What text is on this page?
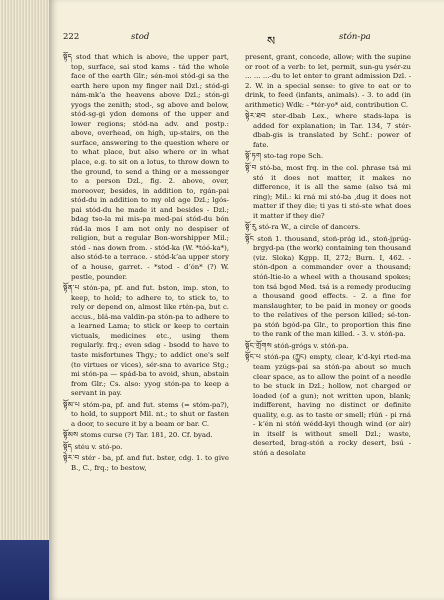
222	stod	ས	stón-pa

སྟོད stod that which is above, the upper part, top, surface, sai stod kams - tád the whole face of the earth Glr.; sén-moi stód-gi sa the earth here upon my finger nail Dzl.; stód-gi nám-mkʼa the heavens above Dzl.; stón-gi yyogs the zenith; stod-, sg above and below, stód-sg-gi ydon demons of the upper and lower regions; stód-na adv. and postp.: above, overhead, on high, up-stairs, on the surface, answering to the question where or to what place, but also where or in what place, e.g. to sit on a lotus, to throw down to the ground, to send a thing or a messenger to a person Dzl., fig. 2. above, over, moreover, besides, in addition to, rgán-pai stód-du in addition to my old age Dzl.; lgós-pai stód-du he made it and besides - Dzl.; bdag tso-la mi mis-pa med-pai stód-du bón rád-la mos I am not only no despiser of religion, but a regular Bon-worshipper Mil.; stód - nas down from. - stód-ka (W. *tóó-ka*), also stód-te a terrace. - stód-kʼaa upper story of a house, garret. - *stod - dʼón* (?) W. pestle, pounder.

སྟོན་པ stón-pa, pf. and fut. bston, imp. ston, to keep, to hold; to adhere to, to stick to, to rely or depend on, almost like rtén-pa, but c. accus., blá-ma valdin-pa stón-pa to adhere to a learned Lama; to stick or keep to certain victuals, medicines etc., using them regularly. frq.; even sdag - bsodd to have to taste misfortunes Thgy.; to addict one's self (to virtues or vices), sér-sna to avarice Stg.; mi stón-pa — spád-ba to avoid, shun, abstain from Glr.; Cs. also: yyog stón-pa to keep a servant in pay.

སྟོམ་པ stóm-pa, pf. and fut. stems (= stóm-pa?), to hold, to support Mil. nt.; to shut or fasten a door, to secure it by a beam or bar. C.

སྟོམས stoms curse (?) Tar. 181, 20. Cf. byad.

སྟོད stéu v. stó-po.

སྟེར་བ stér - ba, pf. and fut. bster, cdg. 1. to give B., C., frq.; to bestow,

present, grant, concede, allow; with the supine or root of a verb: to let, permit, sun-gu ysér-zu ... ... ...-du to let enter to grant admission Dzl. - 2. W. in a special sense: to give to eat or to drink, to feed (infants, animals). - 3. to add (in arithmetic) Wdk: - *tér-yo* aid, contribution C.

སྟེར་ཐབ ster-dbab Lex., where stads-lapa is added for explanation; in Tar. 134, 7 stér-dbab-gis is translated by Schf.: power of fate.

སྟོ་ཏག sto-tag rope Sch.

སྟོ་བ stó-ba, most frq. in the col. phrase tsá mi stó it does not matter, it makes no difference, it is all the same (also tsá mi ring); Mil.: ki rná mi stó-ba ,dug it does not matter if they die; ti yas ti stó-ste what does it matter if they die?

སྟོ་རུ stó-ra W., a circle of dancers.

སྟོང stoń 1. thousand, stoń-prág id., stoń-jprúg-brgyd-pa (the work) containing ten thousand (viz. Sloka) Kgpp. II, 272; Burn. I, 462. - stón-dpon a commander over a thousand; stóń-ltie-lo a wheel with a thousand spokes; ton tsá bgod Med. tsá is a remedy producing a thousand good effects. - 2. a fine for manslaughter, to be paid in money or goods to the relatives of the person killed; sé-ton-pa stóń bgód-pa Glr., to proportion this fine to the rank of the man killed. - 3. v. stóń-pa.

སྟོང་གྲོགས stóń-grógs v. stóń-pa.

སྟོང་པ stóń-pa (ཀྱུང) empty, clear, kʼd-kyi rted-ma team yzúgs-pai sa stóń-pa about so much clear space, as to allow the point of a needle to be stuck in Dzl.; hollow, not charged or loaded (of a gun); not written upon, blank; indifferent, having no distinct or definite quality, e.g. as to taste or smell; rlúń - pi rná - kʼén ni stóń wédd-kyi though wind (or air) in itself is without smell Dzl.; waste, deserted, brag-stóń a rocky desert, bsú - stóń a desolate
